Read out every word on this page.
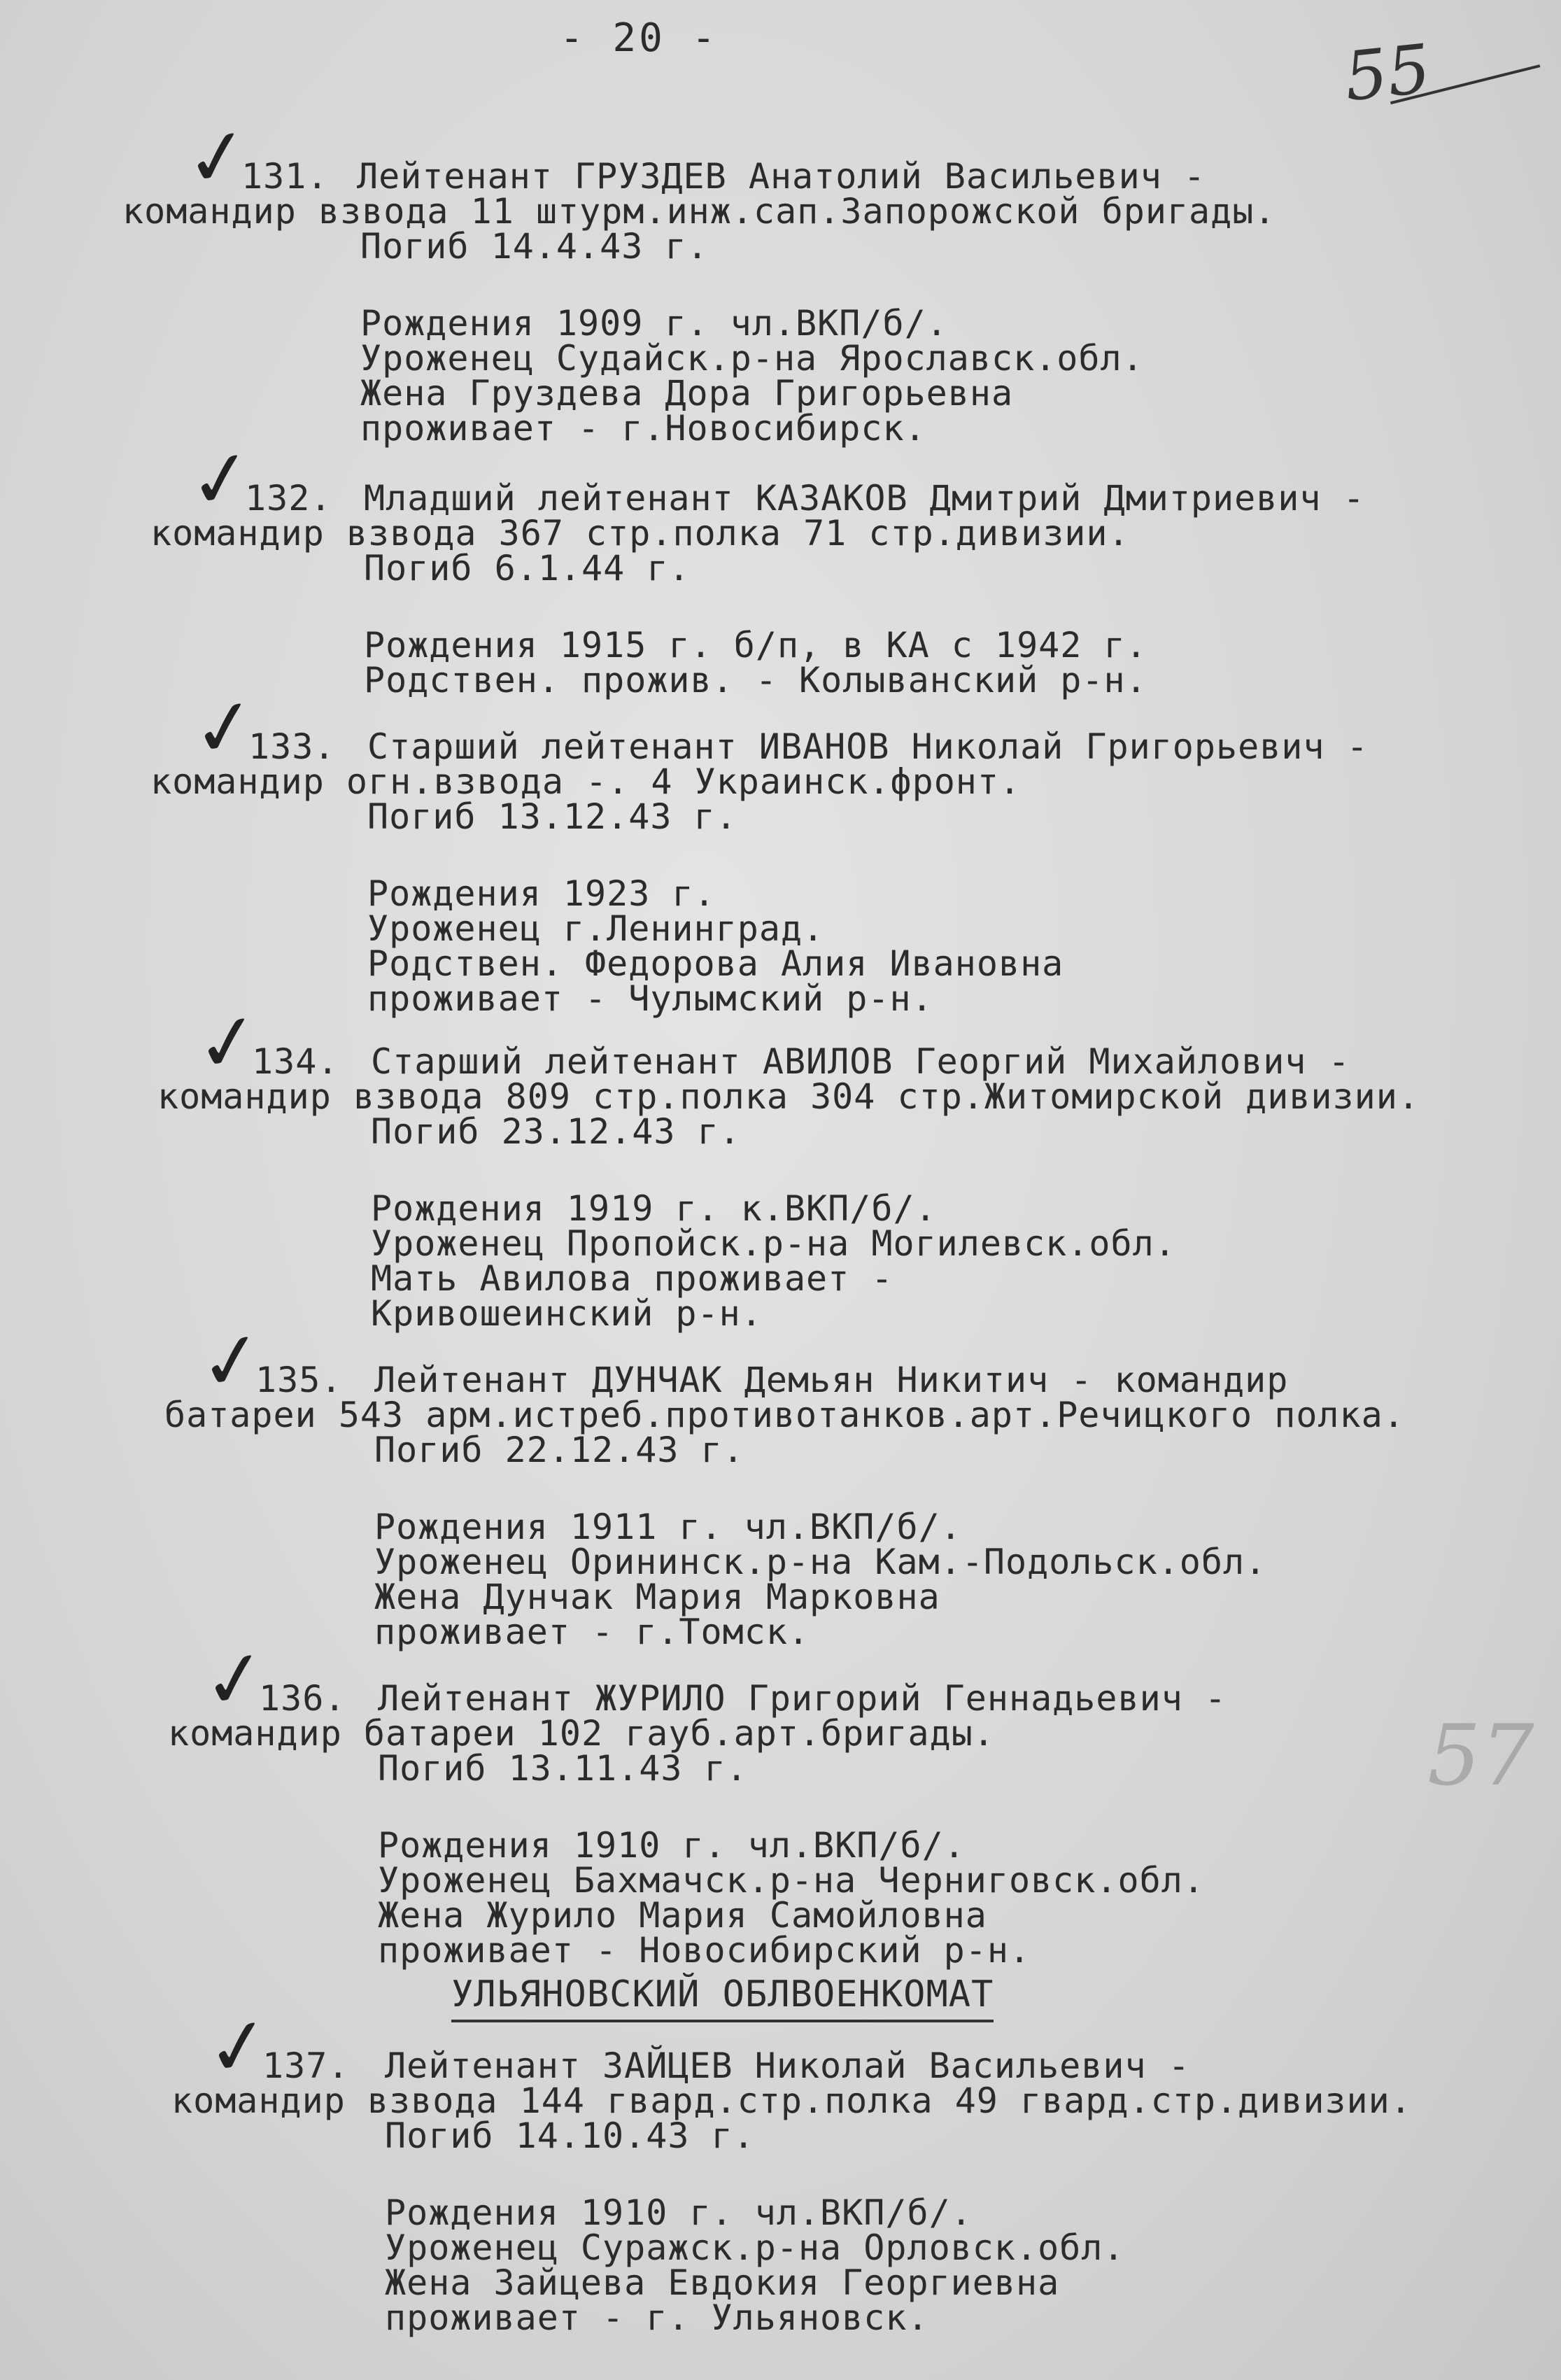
- 20 -	55
57
УЛЬЯНОВСКИЙ ОБЛВОЕНКОМАТ
✓
131. Лейтенант ГРУЗДЕВ Анатолий Васильевич -
командир взвода 11 штурм.инж.сап.Запорожской бригады.
Погиб 14.4.43 г.
Рождения 1909 г. чл.ВКП/б/.
Уроженец Судайск.р-на Ярославск.обл.
Жена Груздева Дора Григорьевна
проживает - г.Новосибирск.
✓
132. Младший лейтенант КАЗАКОВ Дмитрий Дмитриевич -
командир взвода 367 стр.полка 71 стр.дивизии.
Погиб 6.1.44 г.
Рождения 1915 г. б/п, в КА с 1942 г.
Родствен. прожив. - Колыванский р-н.
✓
133. Старший лейтенант ИВАНОВ Николай Григорьевич -
командир огн.взвода -. 4 Украинск.фронт.
Погиб 13.12.43 г.
Рождения 1923 г.
Уроженец г.Ленинград.
Родствен. Федорова Алия Ивановна
проживает - Чулымский р-н.
✓
134. Старший лейтенант АВИЛОВ Георгий Михайлович -
командир взвода 809 стр.полка 304 стр.Житомирской дивизии.
Погиб 23.12.43 г.
Рождения 1919 г. к.ВКП/б/.
Уроженец Пропойск.р-на Могилевск.обл.
Мать Авилова проживает -
Кривошеинский р-н.
✓
135. Лейтенант ДУНЧАК Демьян Никитич - командир
батареи 543 арм.истреб.противотанков.арт.Речицкого полка.
Погиб 22.12.43 г.
Рождения 1911 г. чл.ВКП/б/.
Уроженец Орининск.р-на Кам.-Подольск.обл.
Жена Дунчак Мария Марковна
проживает - г.Томск.
✓
136. Лейтенант ЖУРИЛО Григорий Геннадьевич -
командир батареи 102 гауб.арт.бригады.
Погиб 13.11.43 г.
Рождения 1910 г. чл.ВКП/б/.
Уроженец Бахмачск.р-на Черниговск.обл.
Жена Журило Мария Самойловна
проживает - Новосибирский р-н.
✓
137. Лейтенант ЗАЙЦЕВ Николай Васильевич -
командир взвода 144 гвард.стр.полка 49 гвард.стр.дивизии.
Погиб 14.10.43 г.
Рождения 1910 г. чл.ВКП/б/.
Уроженец Суражск.р-на Орловск.обл.
Жена Зайцева Евдокия Георгиевна
проживает - г. Ульяновск.
